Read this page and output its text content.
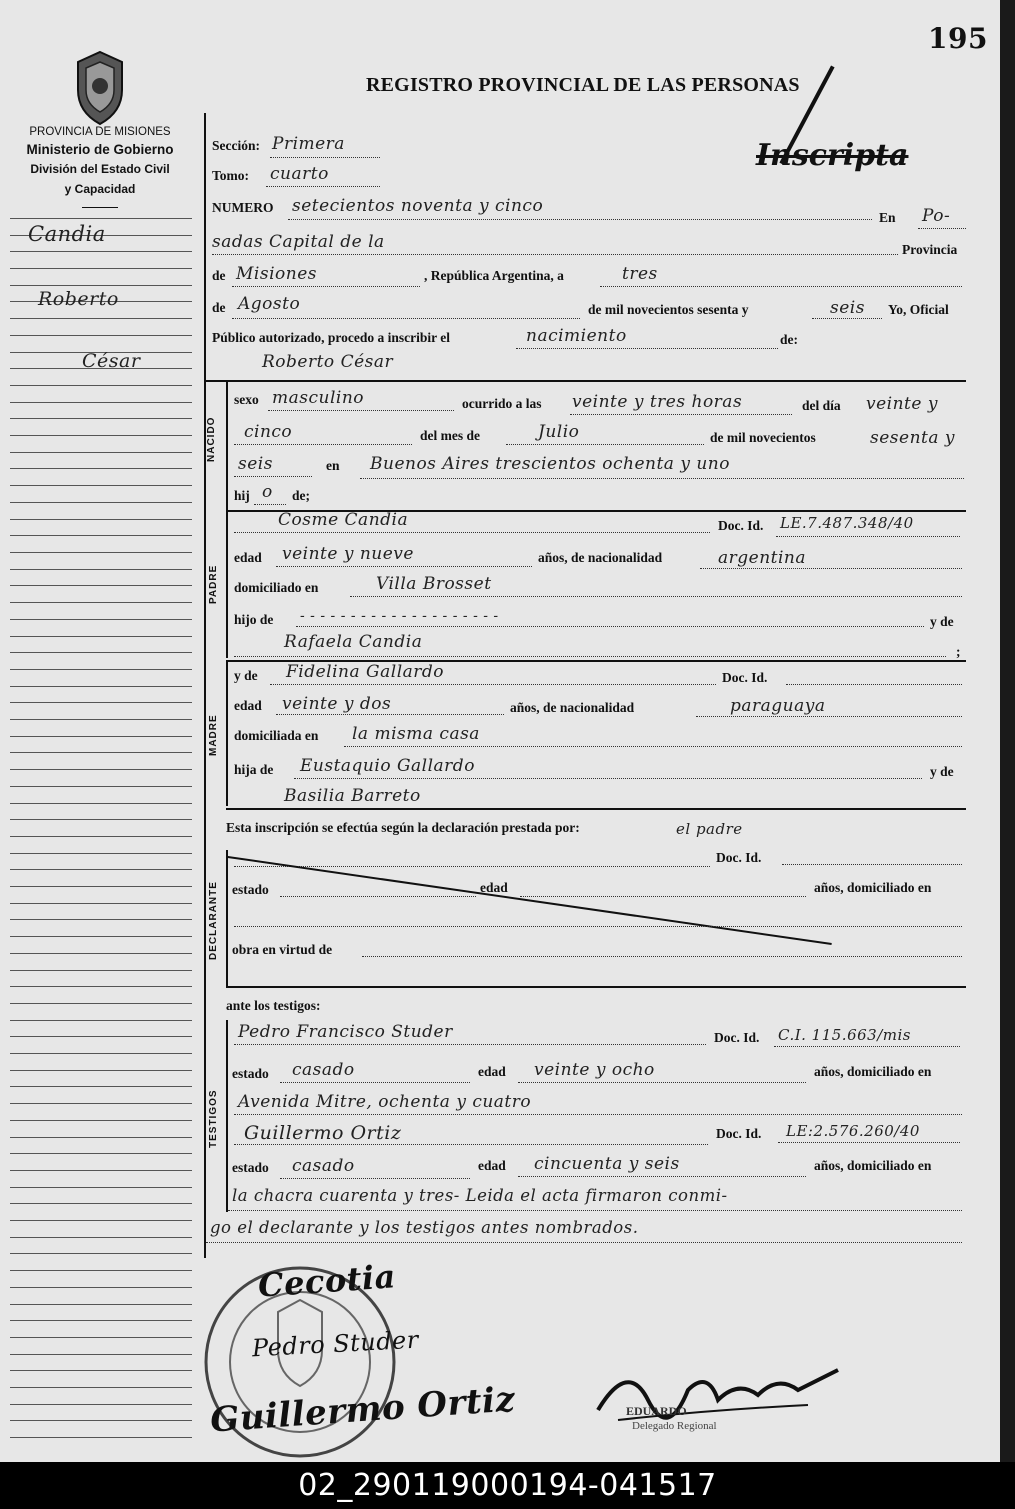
195
REGISTRO PROVINCIAL DE LAS PERSONAS
Inscripta
PROVINCIA DE MISIONES
Ministerio de Gobierno
División del Estado Civil
y Capacidad
Candia
Roberto
César
Sección: Primera
Tomo: cuarto
NUMERO setecientos noventa y cinco
En Po-
sadas Capital de la	Provincia
de Misiones	, República Argentina, a	tres
de Agosto	de mil novecientos sesenta y	seis Yo, Oficial
Público autorizado, procedo a inscribir el	nacimiento	de:
Roberto César
NACIDO
sexo masculino	ocurrido a las veinte y tres horas	del día veinte y
cinco	del mes de	Julio	de mil novecientos	sesenta y
seis	en Buenos Aires trescientos ochenta y uno
hij o de;
PADRE
Cosme Candia	Doc. Id. LE.7.487.348/40
edad veinte y nueve	años, de nacionalidad	argentina
domiciliado en	Villa Brosset
hijo de - - - - - - - - - - - - - - - - - - - -	y de
Rafaela Candia	;
MADRE
y de Fidelina Gallardo	Doc. Id.
edad veinte y dos	años, de nacionalidad	paraguaya
domiciliada en la misma casa
hija de Eustaquio Gallardo	y de
Basilia Barreto
Esta inscripción se efectúa según la declaración prestada por:	el padre
DECLARANTE
Doc. Id.
estado	edad	años, domiciliado en
obra en virtud de
ante los testigos:
TESTIGOS
Pedro Francisco Studer	Doc. Id. C.I. 115.663/mis
estado casado	edad veinte y ocho	años, domiciliado en
Avenida Mitre, ochenta y cuatro
Guillermo Ortiz	Doc. Id. LE:2.576.260/40
estado casado	edad cincuenta y seis	años, domiciliado en
la chacra cuarenta y tres- Leida el acta firmaron conmi-
go el declarante y los testigos antes nombrados.
Cecotia
Pedro Studer
Guillermo Ortiz	EDUARDO
Delegado Regional
02_290119000194-041517
